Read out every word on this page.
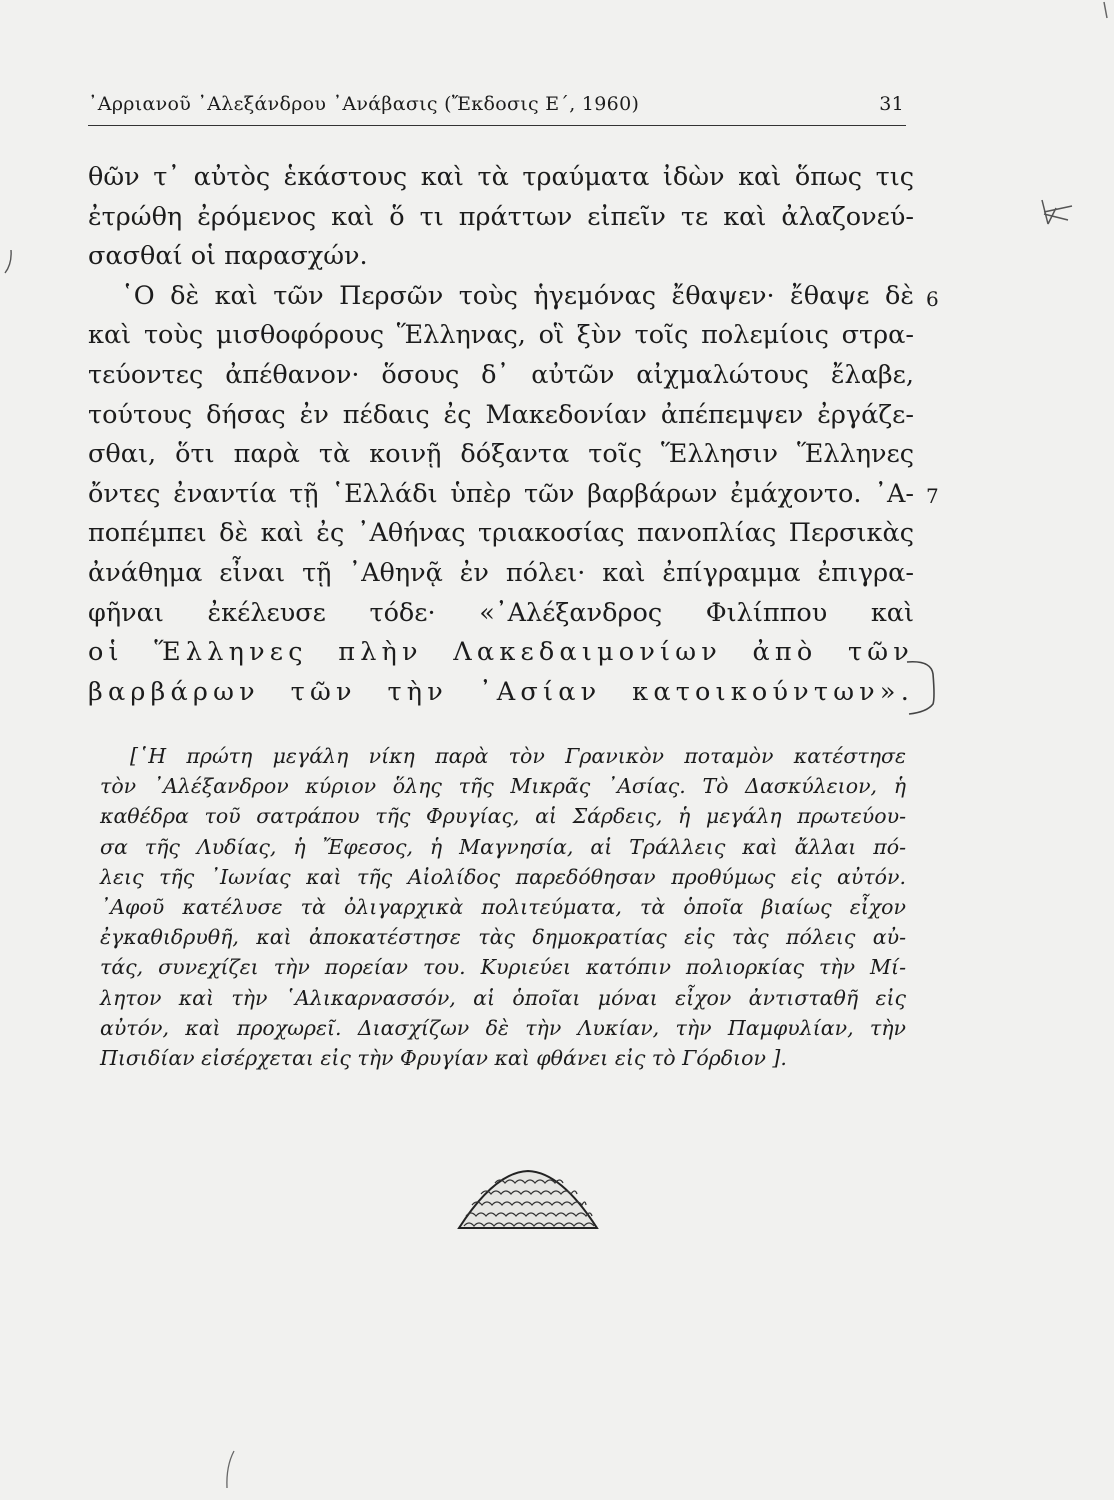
᾿Αρριανοῦ ᾿Αλεξάνδρου ᾿Ανάβασις (Ἔκδοσις Ε΄, 1960)	31
θῶν τ᾿ αὐτὸς ἑκάστους καὶ τὰ τραύματα ἰδὼν καὶ ὅπως τις
ἐτρώθη ἐρόμενος καὶ ὅ τι πράττων εἰπεῖν τε καὶ ἀλαζονεύ-
σασθαί οἱ παρασχών.
῾Ο δὲ καὶ τῶν Περσῶν τοὺς ἡγεμόνας ἔθαψεν· ἔθαψε δὲ
καὶ τοὺς μισθοφόρους Ἕλληνας, οἳ ξὺν τοῖς πολεμίοις στρα-
τεύοντες ἀπέθανον· ὅσους δ᾿ αὐτῶν αἰχμαλώτους ἔλαβε,
τούτους δήσας ἐν πέδαις ἐς Μακεδονίαν ἀπέπεμψεν ἐργάζε-
σθαι, ὅτι παρὰ τὰ κοινῇ δόξαντα τοῖς Ἕλλησιν Ἕλληνες
ὄντες ἐναντία τῇ ῾Ελλάδι ὑπὲρ τῶν βαρβάρων ἐμάχοντο. ᾿Α-
ποπέμπει δὲ καὶ ἐς ᾿Αθήνας τριακοσίας πανοπλίας Περσικὰς
ἀνάθημα εἶναι τῇ ᾿Αθηνᾷ ἐν πόλει· καὶ ἐπίγραμμα ἐπιγρα-
φῆναι ἐκέλευσε τόδε· «᾿Αλέξανδρος Φιλίππου καὶ
οἱ Ἕλληνες πλὴν Λακεδαιμονίων ἀπὸ τῶν
βαρβάρων τῶν τὴν ᾿Ασίαν κατοικούντων».
6
7
[῾Η πρώτη μεγάλη νίκη παρὰ τὸν Γρανικὸν ποταμὸν κατέστησε
τὸν ᾿Αλέξανδρον κύριον ὅλης τῆς Μικρᾶς ᾿Ασίας. Τὸ Δασκύλειον, ἡ
καθέδρα τοῦ σατράπου τῆς Φρυγίας, αἱ Σάρδεις, ἡ μεγάλη πρωτεύου-
σα τῆς Λυδίας, ἡ Ἔφεσος, ἡ Μαγνησία, αἱ Τράλλεις καὶ ἄλλαι πό-
λεις τῆς ᾿Ιωνίας καὶ τῆς Αἰολίδος παρεδόθησαν προθύμως εἰς αὐτόν.
᾿Αφοῦ κατέλυσε τὰ ὀλιγαρχικὰ πολιτεύματα, τὰ ὁποῖα βιαίως εἶχον
ἐγκαθιδρυθῆ, καὶ ἀποκατέστησε τὰς δημοκρατίας εἰς τὰς πόλεις αὐ-
τάς, συνεχίζει τὴν πορείαν του. Κυριεύει κατόπιν πολιορκίας τὴν Μί-
λητον καὶ τὴν ῾Αλικαρνασσόν, αἱ ὁποῖαι μόναι εἶχον ἀντισταθῆ εἰς
αὐτόν, καὶ προχωρεῖ. Διασχίζων δὲ τὴν Λυκίαν, τὴν Παμφυλίαν, τὴν
Πισιδίαν εἰσέρχεται εἰς τὴν Φρυγίαν καὶ φθάνει εἰς τὸ Γόρδιον ].
